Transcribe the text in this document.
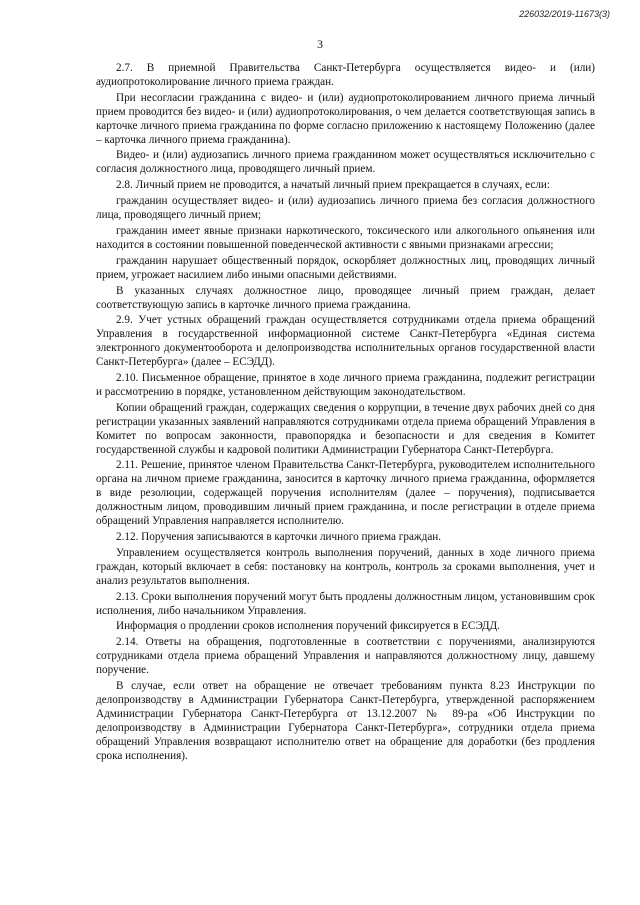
226032/2019-11673(3)
3

2.7. В приемной Правительства Санкт-Петербурга осуществляется видео- и (или) аудиопротоколирование личного приема граждан.

При несогласии гражданина с видео- и (или) аудиопротоколированием личного приема личный прием проводится без видео- и (или) аудиопротоколирования, о чем делается соответствующая запись в карточке личного приема гражданина по форме согласно приложению к настоящему Положению (далее – карточка личного приема гражданина).

Видео- и (или) аудиозапись личного приема гражданином может осуществляться исключительно с согласия должностного лица, проводящего личный прием.

2.8. Личный прием не проводится, а начатый личный прием прекращается в случаях, если:

гражданин осуществляет видео- и (или) аудиозапись личного приема без согласия должностного лица, проводящего личный прием;

гражданин имеет явные признаки наркотического, токсического или алкогольного опьянения или находится в состоянии повышенной поведенческой активности с явными признаками агрессии;

гражданин нарушает общественный порядок, оскорбляет должностных лиц, проводящих личный прием, угрожает насилием либо иными опасными действиями.

В указанных случаях должностное лицо, проводящее личный прием граждан, делает соответствующую запись в карточке личного приема гражданина.

2.9. Учет устных обращений граждан осуществляется сотрудниками отдела приема обращений Управления в государственной информационной системе Санкт-Петербурга «Единая система электронного документооборота и делопроизводства исполнительных органов государственной власти Санкт-Петербурга» (далее – ЕСЭДД).

2.10. Письменное обращение, принятое в ходе личного приема гражданина, подлежит регистрации и рассмотрению в порядке, установленном действующим законодательством.

Копии обращений граждан, содержащих сведения о коррупции, в течение двух рабочих дней со дня регистрации указанных заявлений направляются сотрудниками отдела приема обращений Управления в Комитет по вопросам законности, правопорядка и безопасности и для сведения в Комитет государственной службы и кадровой политики Администрации Губернатора Санкт-Петербурга.

2.11. Решение, принятое членом Правительства Санкт-Петербурга, руководителем исполнительного органа на личном приеме гражданина, заносится в карточку личного приема гражданина, оформляется в виде резолюции, содержащей поручения исполнителям (далее – поручения), подписывается должностным лицом, проводившим личный прием гражданина, и после регистрации в отделе приема обращений Управления направляется исполнителю.

2.12. Поручения записываются в карточки личного приема граждан.

Управлением осуществляется контроль выполнения поручений, данных в ходе личного приема граждан, который включает в себя: постановку на контроль, контроль за сроками выполнения, учет и анализ результатов выполнения.

2.13. Сроки выполнения поручений могут быть продлены должностным лицом, установившим срок исполнения, либо начальником Управления.

Информация о продлении сроков исполнения поручений фиксируется в ЕСЭДД.

2.14. Ответы на обращения, подготовленные в соответствии с поручениями, анализируются сотрудниками отдела приема обращений Управления и направляются должностному лицу, давшему поручение.

В случае, если ответ на обращение не отвечает требованиям пункта 8.23 Инструкции по делопроизводству в Администрации Губернатора Санкт-Петербурга, утвержденной распоряжением Администрации Губернатора Санкт-Петербурга от 13.12.2007 № 89-ра «Об Инструкции по делопроизводству в Администрации Губернатора Санкт-Петербурга», сотрудники отдела приема обращений Управления возвращают исполнителю ответ на обращение для доработки (без продления срока исполнения).
